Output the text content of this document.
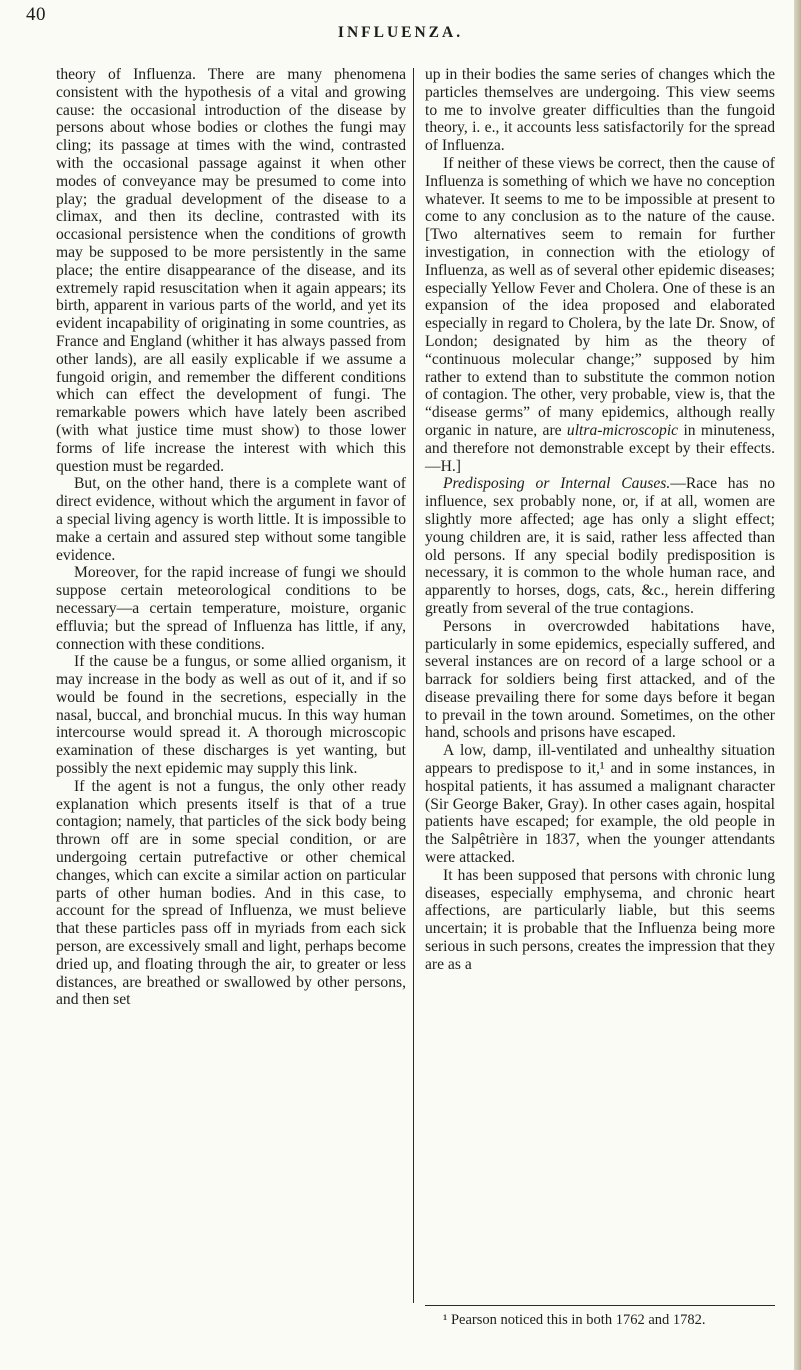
40
INFLUENZA.

theory of Influenza. There are many phenomena consistent with the hypothesis of a vital and growing cause: the occasional introduction of the disease by persons about whose bodies or clothes the fungi may cling; its passage at times with the wind, contrasted with the occasional passage against it when other modes of conveyance may be presumed to come into play; the gradual development of the disease to a climax, and then its decline, contrasted with its occasional persistence when the conditions of growth may be supposed to be more persistently in the same place; the entire disappearance of the disease, and its extremely rapid resuscitation when it again appears; its birth, apparent in various parts of the world, and yet its evident incapability of originating in some countries, as France and England (whither it has always passed from other lands), are all easily explicable if we assume a fungoid origin, and remember the different conditions which can effect the development of fungi. The remarkable powers which have lately been ascribed (with what justice time must show) to those lower forms of life increase the interest with which this question must be regarded.

But, on the other hand, there is a complete want of direct evidence, without which the argument in favor of a special living agency is worth little. It is impossible to make a certain and assured step without some tangible evidence.

Moreover, for the rapid increase of fungi we should suppose certain meteorological conditions to be necessary—a certain temperature, moisture, organic effluvia; but the spread of Influenza has little, if any, connection with these conditions.

If the cause be a fungus, or some allied organism, it may increase in the body as well as out of it, and if so would be found in the secretions, especially in the nasal, buccal, and bronchial mucus. In this way human intercourse would spread it. A thorough microscopic examination of these discharges is yet wanting, but possibly the next epidemic may supply this link.

If the agent is not a fungus, the only other ready explanation which presents itself is that of a true contagion; namely, that particles of the sick body being thrown off are in some special condition, or are undergoing certain putrefactive or other chemical changes, which can excite a similar action on particular parts of other human bodies. And in this case, to account for the spread of Influenza, we must believe that these particles pass off in myriads from each sick person, are excessively small and light, perhaps become dried up, and floating through the air, to greater or less distances, are breathed or swallowed by other persons, and then set

up in their bodies the same series of changes which the particles themselves are undergoing. This view seems to me to involve greater difficulties than the fungoid theory, i. e., it accounts less satisfactorily for the spread of Influenza.

If neither of these views be correct, then the cause of Influenza is something of which we have no conception whatever. It seems to me to be impossible at present to come to any conclusion as to the nature of the cause. [Two alternatives seem to remain for further investigation, in connection with the etiology of Influenza, as well as of several other epidemic diseases; especially Yellow Fever and Cholera. One of these is an expansion of the idea proposed and elaborated especially in regard to Cholera, by the late Dr. Snow, of London; designated by him as the theory of “continuous molecular change;” supposed by him rather to extend than to substitute the common notion of contagion. The other, very probable, view is, that the “disease germs” of many epidemics, although really organic in nature, are ultra-microscopic in minuteness, and therefore not demonstrable except by their effects.—H.]

Predisposing or Internal Causes.—Race has no influence, sex probably none, or, if at all, women are slightly more affected; age has only a slight effect; young children are, it is said, rather less affected than old persons. If any special bodily predisposition is necessary, it is common to the whole human race, and apparently to horses, dogs, cats, &c., herein differing greatly from several of the true contagions.

Persons in overcrowded habitations have, particularly in some epidemics, especially suffered, and several instances are on record of a large school or a barrack for soldiers being first attacked, and of the disease prevailing there for some days before it began to prevail in the town around. Sometimes, on the other hand, schools and prisons have escaped.

A low, damp, ill-ventilated and unhealthy situation appears to predispose to it,¹ and in some instances, in hospital patients, it has assumed a malignant character (Sir George Baker, Gray). In other cases again, hospital patients have escaped; for example, the old people in the Salpêtrière in 1837, when the younger attendants were attacked.

It has been supposed that persons with chronic lung diseases, especially emphysema, and chronic heart affections, are particularly liable, but this seems uncertain; it is probable that the Influenza being more serious in such persons, creates the impression that they are as a

¹ Pearson noticed this in both 1762 and 1782.
